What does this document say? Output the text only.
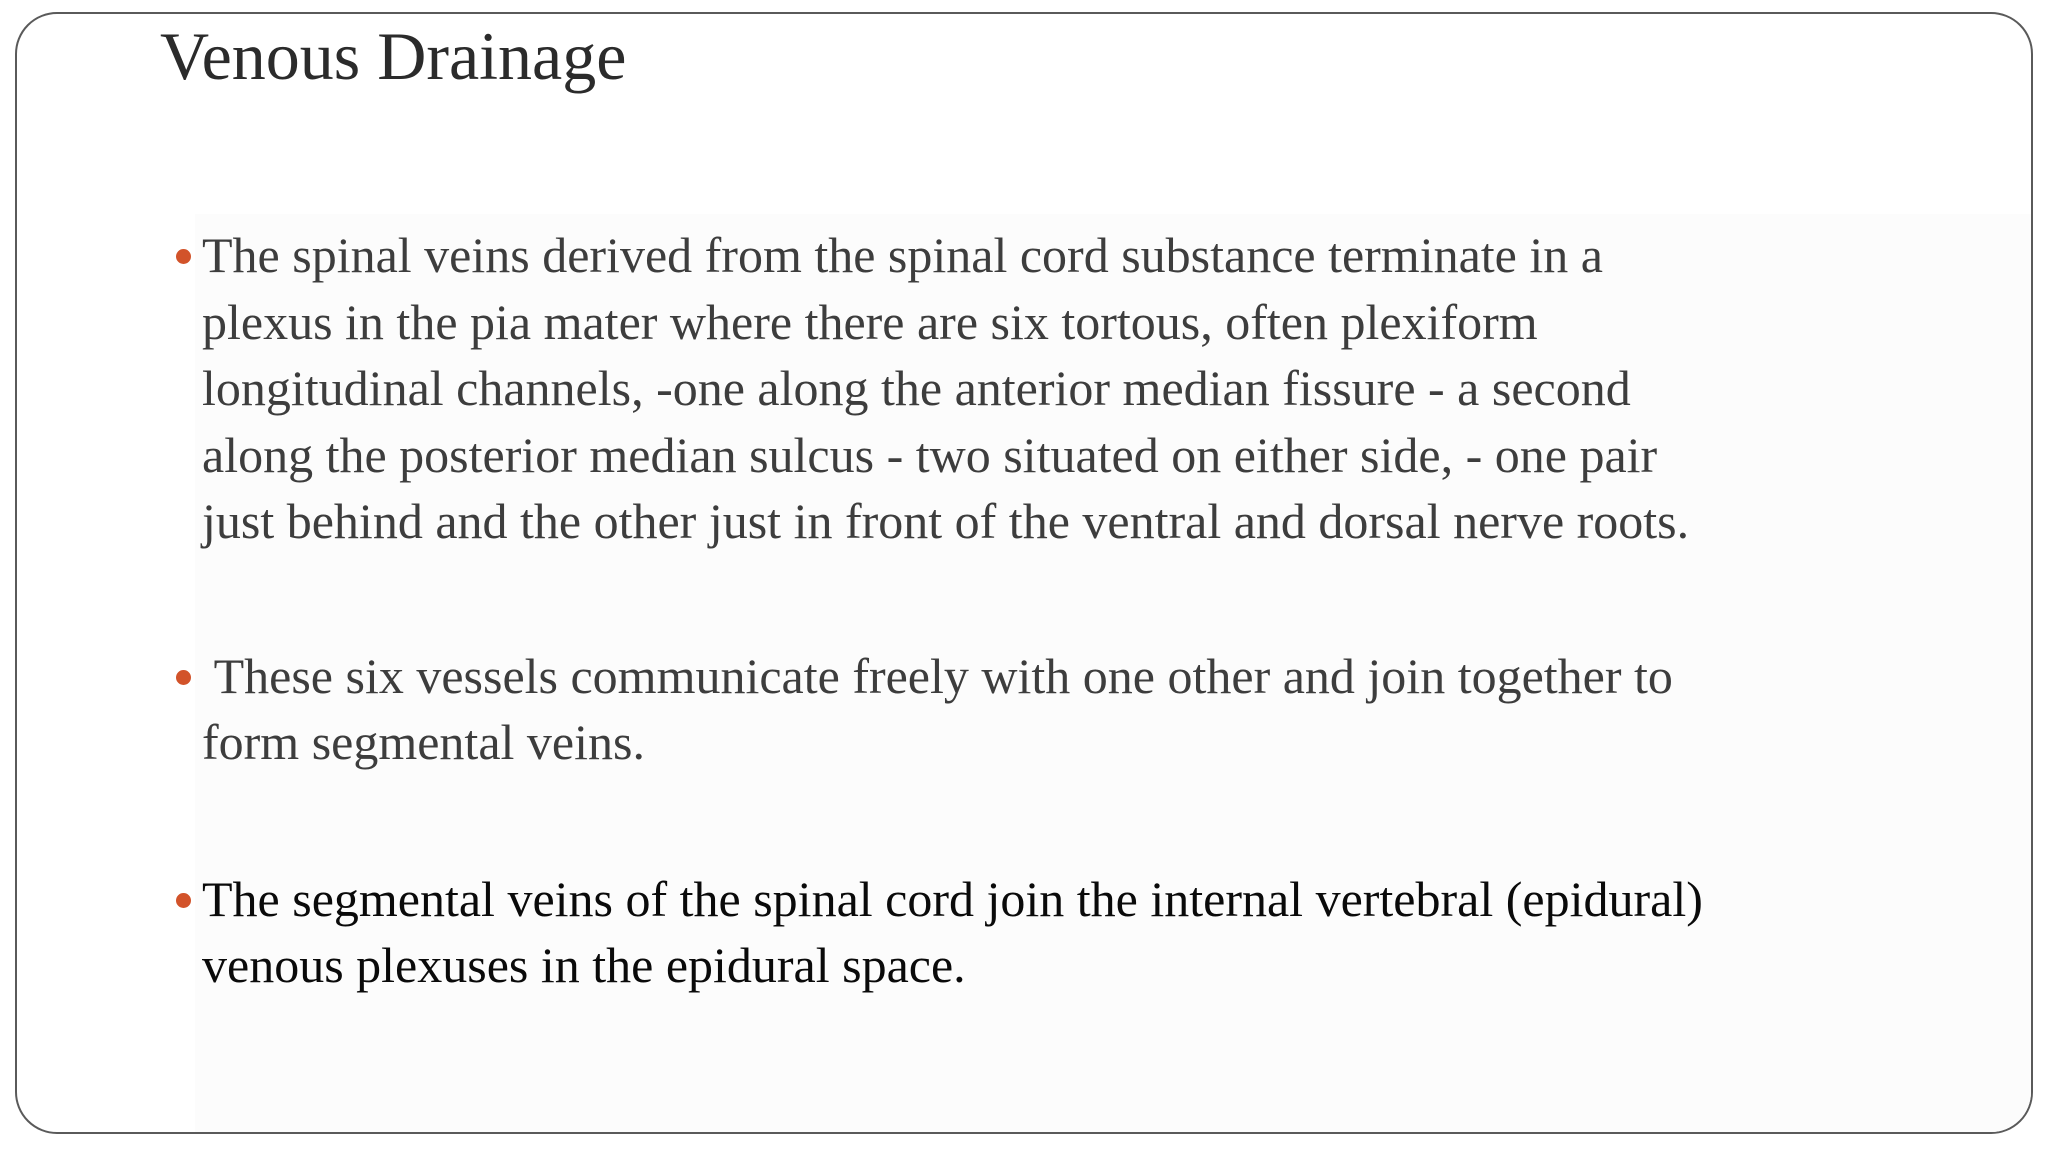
Venous Drainage
The spinal veins derived from the spinal cord substance terminate in a
plexus in the pia mater where there are six tortous, often plexiform
longitudinal channels, -one along the anterior median fissure - a second
along the posterior median sulcus - two situated on either side, - one pair
just behind and the other just in front of the ventral and dorsal nerve roots.
These six vessels communicate freely with one other and join together to
form segmental veins.
The segmental veins of the spinal cord join the internal vertebral (epidural)
venous plexuses in the epidural space.
